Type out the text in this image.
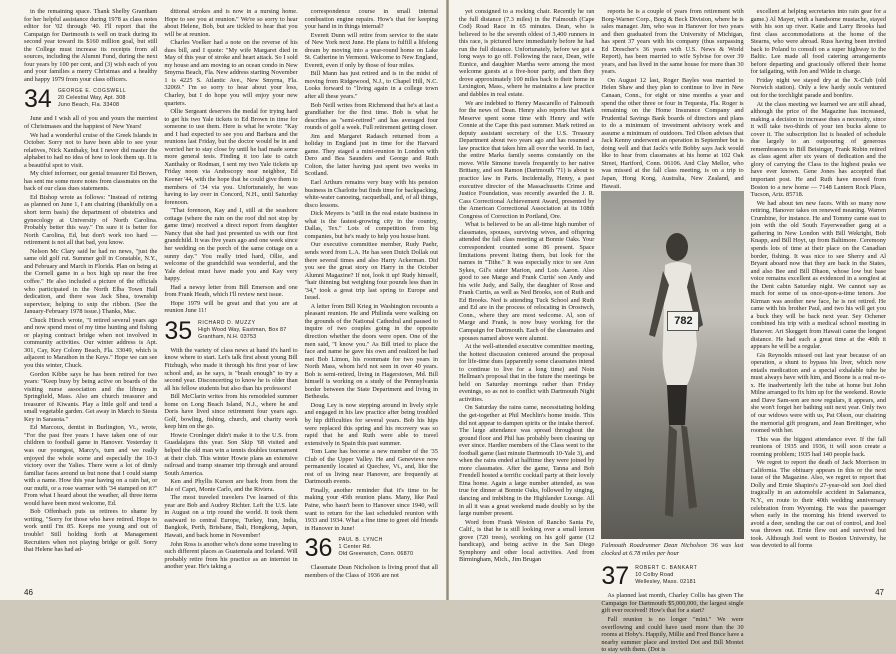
in the remaining space. Thank Shelby Grantham for her helpful assistance during 1978 as class notes editor for '02 through '40. I'll report that the Campaign for Dartmouth is well on track during its second year toward its $160 million goal, but still the College must increase its receipts from all sources, including the Alumni Fund, during the next four years by 100 per cent, and (3) wish each of you and your families a merry Christmas and a healthy and happy 1979 from your class officers.

34 GEORGE E. COGSWELL
20 Celestial Way, Apt. 308
Juno Beach, Fla. 33408

June and I wish all of you and yours the merriest of Christmases and the happiest of New Years!

We had a wonderful cruise of the Greek Islands in October. Sorry not to have been able to see your relatives, Nick Xanthaky, but I never did master the alphabet to had no idea of how to look them up. It is a beautiful spot to visit.

My chief informer, our genial treasurer Ed Brown, has sent me some more notes from classmates on the back of our class dues statements.

Ed Bishop wrote as follows: "Instead of retiring as planned on June 1, I am chairing (thankfully on a short term basis) the department of obstetrics and gynecology at University of North Carolina. Probably better this way." I'm sure it is better for North Carolina, Ed, but don't work too hard — retirement is not all that bad, you know.

Nelson Mc Clary said he had no news, "just the same old golf rut. Summer golf in Constable, N.Y., and February and March in Florida. Plan on being at the Cornell game in a box high up near the free coffee." He also included a picture of the officials who participated in the North Elba Town Hall dedication, and there was Jack Shea, township supervisor, helping to snip the ribbon. (See the January-February 1978 issue.) Thanks, Mac.

Chuck Hirsch wrote, "I retired several years ago and now spend most of my time hunting and fishing or playing contract bridge when not involved in community activities. Our winter address is Apt. 301, Cay, Key Colony Beach, Fla. 33049, which is adjacent to Marathon in the Keys." Hope we can see you this winter, Chuck.

Gordon Kibbe says he has been retired for two years: "Keep busy by being active on boards of the visiting nurse association and the library in Springfield, Mass. Also am church treasurer and treasurer of Kiwanis. Play a little golf and tend a small vegetable garden. Get away in March to Siesta Key in Sarasota."

Ed Marcoux, dentist in Burlington, Vt., wrote, "For the past five years I have taken one of our children to football game in Hanover. Yesterday it was our youngest, Marcy's, turn and we really enjoyed the whole scene and especially the 10-3 victory over the Yalies. There were a lot of dimly familiar faces around us but none that I could stamp with a name. How this year having on a rain hat, or our mufti, or a rose warmer with '34 stamped on it?" From what I heard about the weather, all three items would have been most welcome, Ed.

Bob Offenbach puts us retirees to shame by writing, "Sorry for those who have retired. Hope to work until I'm 85. Keeps me young and out of trouble! Still holding forth at Management Recruiters when not playing bridge or golf. Sorry that Helene has had ad-

ditional strokes and is now in a nursing home. Hope to see you at reunion." We're so sorry to hear about Helene, Bob, but are tickled to hear that you will be at reunion.

Charles Voelker had a note on the reverse of his dues bill, and I quote: "My wife Margaret died in May of this year of stroke and heart attack. So I sold my house and am moving to an ocean condo in New Smyrna Beach, Fla. New address starting November 1 is 4225 S. Atlantic Ave., New Smyrna, Fla. 32069." I'm so sorry to hear about your loss, Charley, but I do hope you will enjoy your new quarters.

Ollie Sergeant deserves the medal for trying hard to get his two Yale tickets to Ed Brown in time for someone to use them. Here is what he wrote: "Kay and I had expected to see you and Barbara and the reunions last Friday, but the doctor would be in and worried her to stay close by until he had made some more general tests. Finding it too late to catch Xanthaky or Rodman, I sent my two Yale tickets up Friday noon via Andoscopy near neighbor, Ed Keener '44, with the hope that he could give them to members of '34 via you. Unfortunately, he was having to lay over in Concord, N.H., until Saturday forenoon.

"That forenoon, Kay and I, still at the seashore cottage (where the rain on the roof did not stop by game time) received a direct report from daughter Nancy that she had just presented us with our first grandchild. It was five years ago and one week since her wedding on the porch of the same cottage on a sunny day." You really tried hard, Ollie, and welcome of the grandchild was wonderful, and the Yale defeat must have made you and Kay very happy.

Had a newsy letter from Bill Emerson and one from Frank Heath, which I'll review next issue.

Hope 1979 will be great and that you are at reunion June 11!

35 RICHARD D. MUZZY
High Wood Way, Eastman, Box 87
Grantham, N.H. 03753

With the variety of class news at hand it's hard to know where to start. Let's talk first about young Bill Fitzhugh, who made it through his first year of law school and, as he says, is "brash enough" to try a second year. Disconcerting to know he is older than all his fellow students but also than his professors!

Bill McClarin writes from his remodeled summer home on Long Beach Island, N.J., where he and Doris have lived since retirement four years ago. Golf, bowling, fishing, church, and charity work keep him on the go.

Howie Cronlnger didn't make it to the U.S. from Guadalajara this year. Son Skip '68 visited and helped the old man win a tennis doubles tournament at their club. This winter Howie plans an extensive railroad and tramp steamer trip through and around South America.

Ken and Phyllis Kurson are back from from the Isle of Capri, Monte Carlo, and the Riviera.

The most traveled travelers I've learned of this year are Bob and Audrey Richter. Left the U.S. late in August on a trip round the world. It took them eastward to central Europe, Turkey, Iran, India, Bangkok, Perth, Brisbane, Bali, Hongkong, Japan, Hawaii, and back home in November!

John Ross is another who's done some traveling to such different places as Guatemala and Iceland. Will probably retire from his practice as an internist in another year. He's taking a

correspondence course in small internal combustion engine repairs. How's that for keeping your hand in in things internal?

Everett Dunn will retire from service to the state of New York next June. He plans to fulfill a lifelong dream by moving into a year-round home on Lake St. Catherine in Vermont. Welcome to New England, Everett, even if only by those of four miles.

Bill Mann has just retired and is in the midst of moving from Ridgewood, N.J., to Chapel Hill, N.C. Looks forward to "living again in a college town after all these years."

Bob Neill writes from Richmond that he's at last a grandfather for the first time. Bob is what he describes as "semi-retired" and has averaged four rounds of golf a week. Full retirement getting closer.

Jim and Margaret Radasch returned from a holiday in England just in time for the Harvard game. They staged a mini-reunion in London with Dero and Bea Saunders and George and Ruth Colton, the latter having just spent two weeks in Scotland.

Earl Arthurs remains very busy with his pension business in Charlotte but finds time for backpacking, white-water canoeing, racquetball, and, of all things, disco lessons.

Dick Meyers is "still in the real estate business in what is the fastest-growing city in the country, Dallas, Tex." Lots of competition from big companies, but he's ready to help you house hunt.

Our executive committee member, Rudy Paehr, sends word from L.A. He has seen Dutch Dollak out there several times and also Harry Ackerman. Did you see the great story on Harry in the October Alumni Magazine? If not, look it up! Rudy himself, "hair thinning but weighing four pounds less than in '34," took a great trip last spring to Europe and Israel.

A letter from Bill Krieg in Washington recounts a pleasant reunion. He and Philinda were walking on the grounds of the National Cathedral and paused to inquire of two couples going in the opposite direction whether the doors were open. One of the men said, "I know you." As Bill tried to place the face and name he gave his own and realized he had met Bob Limon, his roommate for two years in North Mass, whom he'd not seen in over 40 years. Bob is semi-retired, living in Hagerstown, Md. Bill himself is working on a study of the Pennsylvania border between the State Department and living in Bethesda.

Doug Ley is now stepping around in lively style and engaged in his law practice after being troubled by hip difficulties for several years. Bob his hips were replaced this spring and his recovery was so rapid that he and Ruth were able to travel extensively in Spain this past summer.

Tom Lane has become a new member of the '35 Club of the Upper Valley. He and Genevieve now permanently located at Quechee, Vt., and, like the rest of us living near Hanover, are frequently at Dartmouth events.

Finally, another reminder that it's time to be making your 45th reunion plans. Many, like Paul Paine, who hasn't been to Hanover since 1940, will want to return for the last scheduled reunion with 1933 and 1934. What a fine time to greet old friends in Hanover in June!

36 PAUL B. LYNCH
1 Center Rd.
Old Greenwich, Conn. 06870

Classmate Dean Nicholson is living proof that all members of the Class of 1936 are not

46

yet consigned to a rocking chair. Recently he ran the full distance (7.3 miles) in the Falmouth (Cape Cod) Road Race in 65 minutes. Dean, who is believed to be the seventh oldest of 3,400 runners in this race, is pictured here immediately before he had run the full distance. Unfortunately, before we got a long ways to go off. Following the race, Dean, wife Eunice, and daughter Martha were among the most welcome guests at a five-hour party, and then they drove approximately 100 miles back to their home in Lexington, Mass., where he maintains a law practice and dabbles in real estate.

We are indebted to Henry Mascarello of Falmouth for the news of Dean. Henry also reports that Mark Meserve spent some time with Henry and wife Connie at the Cape this past summer. Mark retired as deputy assistant secretary of the U.S. Treasury Department about two years ago and has resumed a law practice that takes him all over the world. In fact, the entire Marks family seems constantly on the move. Wife Simone travels frequently to her native Brittany, and son Ramon (Dartmouth '71) is about to practice law in Paris. Incidentally, Henry, a past executive director of the Massachusetts Crime and Justice Foundation, was recently awarded the J. R. Cass Correctional Achievement Award, presented by the American Correctional Association at its 108th Congress of Correction in Portland, Ore.

What is believed to be an all-time high number of classmates, spouses, surviving wives, and offspring attended the fall class meeting at Bonnie Oaks. Your correspondent counted some 86 present. Space limitations prevent listing them, but look for the names in "Tithe." It was especially nice to see Ann Sykes, Gil's sister Marion, and Lois Aaron. Also good to see Marge and Frank Curtis' son Andy and his wife Judy, and Sally, the daughter of Rose and Frank Curtis, as well as Ned Brooks, son of Ruth and Ed Brooks. Ned is attending Tuck School and Ruth and Ed are in the process of relocating in Orostwch, Conn., where they are most welcome. Al, son of Marge and Frank, is now busy working for the Campaign for Dartmouth. Each of the classmates and spouses named above were alumni.

At the well-attended executive committee meeting, the hottest discussion centered around the proposal for life-time dues (apparently some classmates intend to continue to live for a long time) and Noin Hellman's proposal that in the future the meetings be held on Saturday mornings rather than Friday evenings, so as not to conflict with Dartmouth Night activities.

On Saturday the rains came, necessitating holding the get-together at Phil Mechlin's home inside. This did not appear to dampen spirits or the intake thereof. The large attendance was spread throughout the ground floor and Phil has probably been cleaning up ever since. Hardier members of the Class went to the football game (last minute Dartmouth 10-Yale 3), and when the rains ended at halftime they were joined by more classmates. After the game, Tanna and Bob Frendell hosted a terrific cocktail party at their lovely Etna home. Again a large number attended, as was true for dinner at Bonnie Oaks, followed by singing, dancing and imbibing in the Highlander Lounge. All in all it was a great weekend made doubly so by the large number present.

Word from Frank Weston of Rancho Santa Fe, Calif., is that he is still looking over a small lemon grove (720 trees), working on his golf game (12 handicap), and being active in the San Diego Symphony and other local activities. And from Birmingham, Mich., Jim Brugan

reports he is a couple of years from retirement with Borg-Warner Corp., Borg & Beck Division, where he is sales manager. Jim, who was in Hanover for two years and then graduated from the University of Michigan, has spent 37 years with his company (thus surpassing Ed Drescher's 36 years with U.S. News & World Report), has been married to wife Sylvise for over 39 years, and has lived in the same house for more than 30 years.

On August 12 last, Roger Bayles was married to Helen Shaw and they plan to continue to live in New Canaan, Conn., for eight or nine months a year and spend the other three or four in Tequesta, Fla. Roger is remaining on the Home Insurance Company and Prudential Savings Bank boards of directors and plans to do a minimum of investment advisory work and assume a minimum of outdoors. Ted Olson advises that Jack Kenny underwent an operation in September but is doing well and that Jack's wife Bobby says Jack would like to hear from classmates at his home at 102 Oak Street, Hartford, Conn. 06106. And Clay Mellor, who was missed at the fall class meeting, is on a trip to Japan, Hong Kong, Australia, New Zealand, and Hawaii.

782
Falmouth Roadrunner Dean Nicholson '36 was last clocked at 6.78 miles per hour
37 ROBERT C. BANKART
10 Colby Road
Wellesley, Mass. 02181

As planned last month, Charley Collis has given The Campaign for Dartmouth $5,000,000, the largest single gift ever received! How's that for a start?

Fall reunion is no longer "mini." We were overflowing and could have used more than the 30 rooms at Hoby's. Happily, Millie and Fred Bunce have a nearby summer place and invited Dot and Bill Montei to stay with them. (Dot is

excellent at helping secretaries into rain gear for a game.) Al Mayer, with a handsome mustache, stayed with his son up river. Katie and Larry Brooks had first class accommodations at the home of the Stearns, who were abroad. Russ having been invited back to Poland to consult on a super highway to the Baltic. Lee made all food catering arrangements before departing and graciously offered their home for tailgating, with Jon and Wilde in charge.

Friday night we stayed dry at the X-Club (old Norwich station). Only a few hardy souls ventured out for the torchlight parade and bonfire.

At the class meeting we learned we are still ahead, although the price of the Magazine has increased, making a decision to increase dues a necessity, since it will take two-thirds of your ten bucks alone to cover it. The subscription list is headed of schedule due largely to an outpouring of generous remembrances to Bill Beisinger, Frank Rubin retired as class agent after six years of dedication and the glory of carrying the Class to the highest peaks we have ever known. Gene Jones has accepted that important post. He and Ruth have moved from Boston to a new home — 7148 Lantern Rock Place, Tucson, Ariz. 85718.

We had about ten new faces. With so many now retiring, Hanover takes on renewed meaning. Warren Crumbine, for instance. He and Tommy came east to join with the old South Fayerweather gang at a gathering in New London with Bill Wekright, Bob Knapp, and Bill Hoyt, up from Baltimore. Ceremony spends lots of time at their place on the Canadian border, fishing. It was nice to see Sherry and Al Bryant aboard now that they are back in the States, and also Bee and Bill Dhaon, whose low but base voice remains excellent as evidenced in a songfest at the Dent cabin Saturday night. We cannot say as much for some of us once-upon-a-time tenors. Joe Kirman was another new face, he is not retired. He came with his brother Paul, and two his will get you a buck they will be back next year. Sey Ochener combined his trip with a medical school meeting in Hanover. Art Skeggett from Hawaii came the longest distance. He had such a great time at the 40th it appears he will be a regular.

Gis Reynolds missed out last year because of an operation, a shunt to bypass his liver, which now entails medication and a special exhalable tube he must always have with him, and Boone is a real m-o-x. He inadvertently left the tube at home but John Milne arranged to fix him up for the weekend. Rowie and Dave Sam-son are now regulars, it appears, and she won't forget her bathing suit next year. Only two of our widows were with us, Pat Olson, our chairing the memorial gift program, and Jean Breitinger, who roomed with her.

This was the biggest attendance ever. If the fall reunions of 1935 and 1936, it will soon create a rooming problem; 1935 had 140 people back.

We regret to report the death of Jack Morrison in California. The obituary appears in this or the next issue of the Magazine. Also, we regret to report that Dolly and Ernie Shapiro's 27-year-old son Joel died tragically in an automobile accident in Salamanca, N.Y., en route to their 40th wedding anniversary celebration from Wyoming. He was the passenger when early in the morning his friend swerved to avoid a deer, sending the car out of control, and Joel was thrown out. Ernie flew out and survived but took. Although Joel went to Boston University, he was devoted to all forms

47
